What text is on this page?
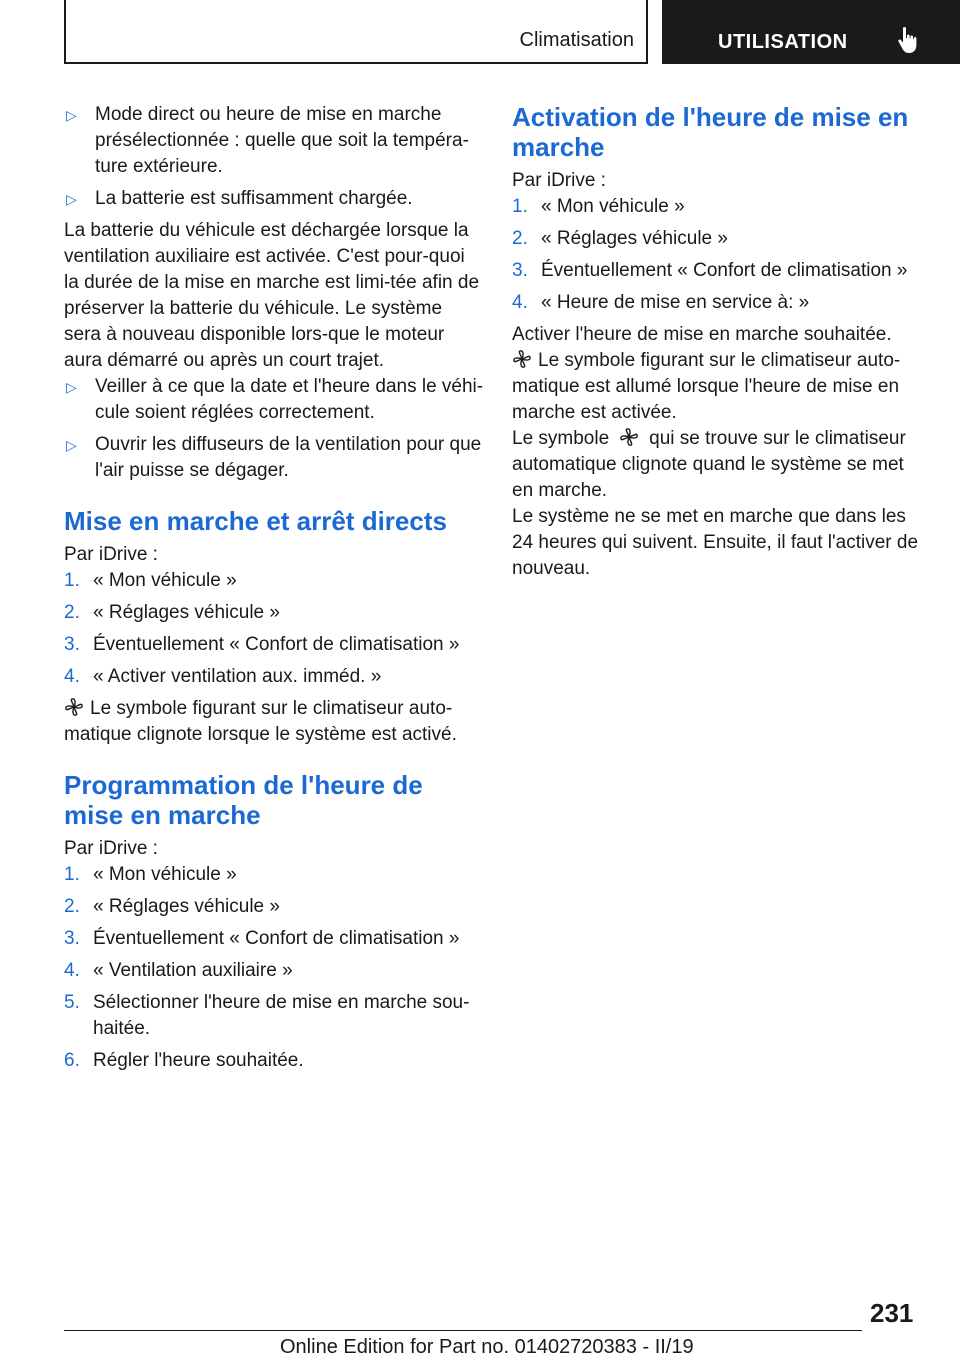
Climatisation	UTILISATION
▷ Mode direct ou heure de mise en marche présélectionnée : quelle que soit la tempéra-ture extérieure.
▷ La batterie est suffisamment chargée.

La batterie du véhicule est déchargée lorsque la ventilation auxiliaire est activée. C'est pour-quoi la durée de la mise en marche est limi-tée afin de préserver la batterie du véhicule. Le système sera à nouveau disponible lors-que le moteur aura démarré ou après un court trajet.

▷ Veiller à ce que la date et l'heure dans le véhi-cule soient réglées correctement.
▷ Ouvrir les diffuseurs de la ventilation pour que l'air puisse se dégager.
Mise en marche et arrêt directs

Par iDrive :

1. « Mon véhicule »
2. « Réglages véhicule »
3. Éventuellement « Confort de climatisation »
4. « Activer ventilation aux. imméd. »

Le symbole figurant sur le climatiseur auto-matique clignote lorsque le système est activé.

Programmation de l'heure de mise en marche

Par iDrive :

1. « Mon véhicule »
2. « Réglages véhicule »
3. Éventuellement « Confort de climatisation »
4. « Ventilation auxiliaire »
5. Sélectionner l'heure de mise en marche sou-haitée.
6. Régler l'heure souhaitée.
Activation de l'heure de mise en marche

Par iDrive :

1. « Mon véhicule »
2. « Réglages véhicule »
3. Éventuellement « Confort de climatisation »
4. « Heure de mise en service à: »

Activer l'heure de mise en marche souhaitée.

Le symbole figurant sur le climatiseur auto-matique est allumé lorsque l'heure de mise en marche est activée.

Le symbole qui se trouve sur le climatiseur automatique clignote quand le système se met en marche.

Le système ne se met en marche que dans les 24 heures qui suivent. Ensuite, il faut l'activer de nouveau.

231
Online Edition for Part no. 01402720383 - II/19
